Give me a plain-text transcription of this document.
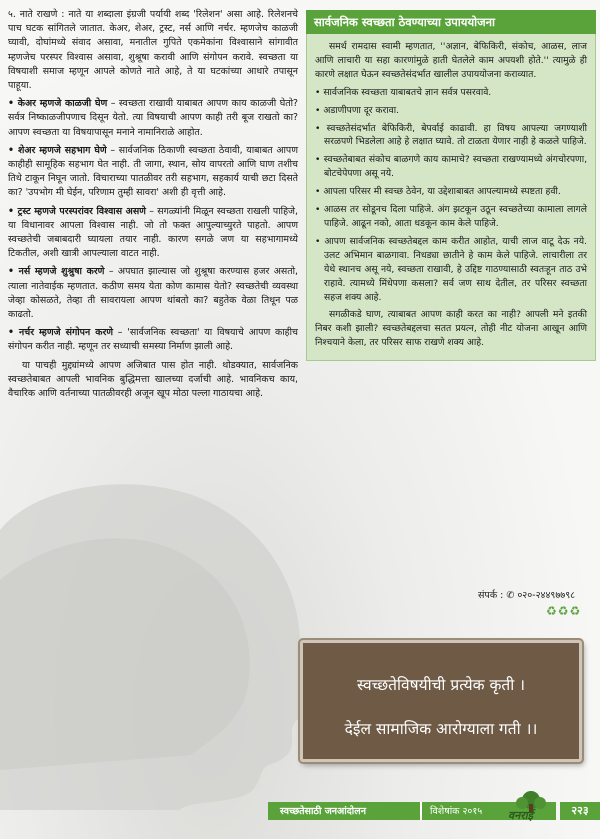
५. नाते राखणे : नाते या शब्दाला इंग्रजी पर्यायी शब्द 'रिलेशन' असा आहे. रिलेशनचे पाच घटक सांगितले जातात. केअर, शेअर, ट्रस्ट, नर्स आणि नर्चर. म्हणजेच काळजी घ्यावी, दोघांमध्ये संवाद असावा, मनातील गुपिते एकमेकांना विश्वासाने सांगावीत म्हणजेच परस्पर विश्वास असावा, शुश्रूषा करावी आणि संगोपन करावे. स्वच्छता या विषयाशी समाज म्हणून आपले कोणते नाते आहे, ते या घटकांच्या आधारे तपासून पाहूया.

• केअर म्हणजे काळजी घेण – स्वच्छता राखावी याबाबत आपण काय काळजी घेतो? सर्वत्र निष्काळजीपणाच दिसून येतो. त्या विषयाची आपण काही तरी बूज राखतो का? आपण स्वच्छता या विषयापासून मनाने नामानिराळे आहोत.

• शेअर म्हणजे सहभाग घेणे – सार्वजनिक ठिकाणी स्वच्छता ठेवावी, याबाबत आपण काहीही सामूहिक सहभाग घेत नाही. ती जागा, स्थान, सोय वापरतो आणि घाण तशीच तिथे टाकून निघून जातो. विचाराच्या पातळीवर तरी सहभाग, सहकार्य याची छटा दिसते का? 'उपभोग मी घेईन, परिणाम तुम्ही सावरा' अशी ही वृत्ती आहे.

• ट्रस्ट म्हणजे परस्परांवर विश्वास असणे – सगळ्यांनी मिळून स्वच्छता राखली पाहिजे, या विधानावर आपला विश्वास नाही. जो तो फक्त आपुल्याच्युरते पाहतो. आपण स्वच्छतेची जबाबदारी घ्यायला तयार नाही. कारण सगळे जण या सहभागामध्ये टिकतील, अशी खात्री आपल्याला वाटत नाही.

• नर्स म्हणजे शुश्रुषा करणे – अपघात झाल्यास जो शुश्रूषा करण्यास हजर असतो, त्याला नातेवाईक म्हणतात. कठीण समय येता कोण कामास येतो? स्वच्छतेची व्यवस्था जेव्हा कोसळते, तेव्हा ती सावरायला आपण थांबतो का? बहुतेक वेळा तिथून पळ काढतो.

• नर्चर म्हणजे संगोपन करणे – 'सार्वजनिक स्वच्छता' या विषयाचे आपण काहीच संगोपन करीत नाही. म्हणून तर सध्याची समस्या निर्माण झाली आहे.

या पाचही मुद्द्यांमध्ये आपण अजिबात पास होत नाही. थोडक्यात, सार्वजनिक स्वच्छतेबाबत आपली भावनिक बुद्धिमत्ता खालच्या दर्जाची आहे. भावनिकच काय, वैचारिक आणि वर्तनाच्या पातळीवरही अजून खूप मोठा पल्ला गाठायचा आहे.

सार्वजनिक स्वच्छता ठेवण्याच्या उपाययोजना

समर्थ रामदास स्वामी म्हणतात, ''अज्ञान, बेफिकिरी, संकोच, आळस, लाज आणि लाचारी या सहा कारणांमुळे हाती घेतलेले काम अपयशी होते.'' त्यामुळे ही कारणे लक्षात घेऊन स्वच्छतेसंदर्भात खालील उपाययोजना कराव्यात.

• सार्वजनिक स्वच्छता याबाबतचे ज्ञान सर्वत्र पसरवावे.

• अडाणीपणा दूर करावा.

• स्वच्छतेसंदर्भात बेफिकिरी, बेपर्वाई काढावी. हा विषय आपल्या जगण्याशी सरळपणे भिडलेला आहे हे लक्षात घ्यावे. तो टाळता येणार नाही हे कळले पाहिजे.

• स्वच्छतेबाबत संकोच बाळगणे काय कामाचे? स्वच्छता राखण्यामध्ये अंगचोरपणा, बोटचेपेपणा असू नये.

• आपला परिसर मी स्वच्छ ठेवेन, या उद्देशाबाबत आपल्यामध्ये स्पष्टता हवी.

• आळस तर सोडूनच दिला पाहिजे. अंग झटकून उठून स्वच्छतेच्या कामाला लागले पाहिजे. आढून नको, आता धडकून काम केले पाहिजे.

• आपण सार्वजनिक स्वच्छतेबद्दल काम करीत आहोत, याची लाज वाटू देऊ नये. उलट अभिमान बाळगावा. निधड्या छातीने हे काम केले पाहिजे. लाचारीला तर येथे स्थानच असू नये, स्वच्छता राखावी, हे उद्दिष्ट गाठण्यासाठी स्वतःहून ताठ उभे राहावे. त्यामध्ये मिंधेपणा कसला? सर्व जण साथ देतील, तर परिसर स्वच्छता सहज शक्य आहे.

सगळीकडे घाण, त्याबाबत आपण काही करत का नाही? आपली मने इतकी निबर कशी झाली? स्वच्छतेबद्दलचा सतत प्रयत्न, तोही नीट योजना आखून आणि निश्चयाने केला, तर परिसर साफ राखणे शक्य आहे.

संपर्क : ✆ ०२०-२४४९७७९८
♻♻♻
स्वच्छतेविषयीची प्रत्येक कृती ।
देईल सामाजिक आरोग्याला गती ।।
स्वच्छतेसाठी जनआंदोलन	विशेषांक २०१५ वनराई	२२३
